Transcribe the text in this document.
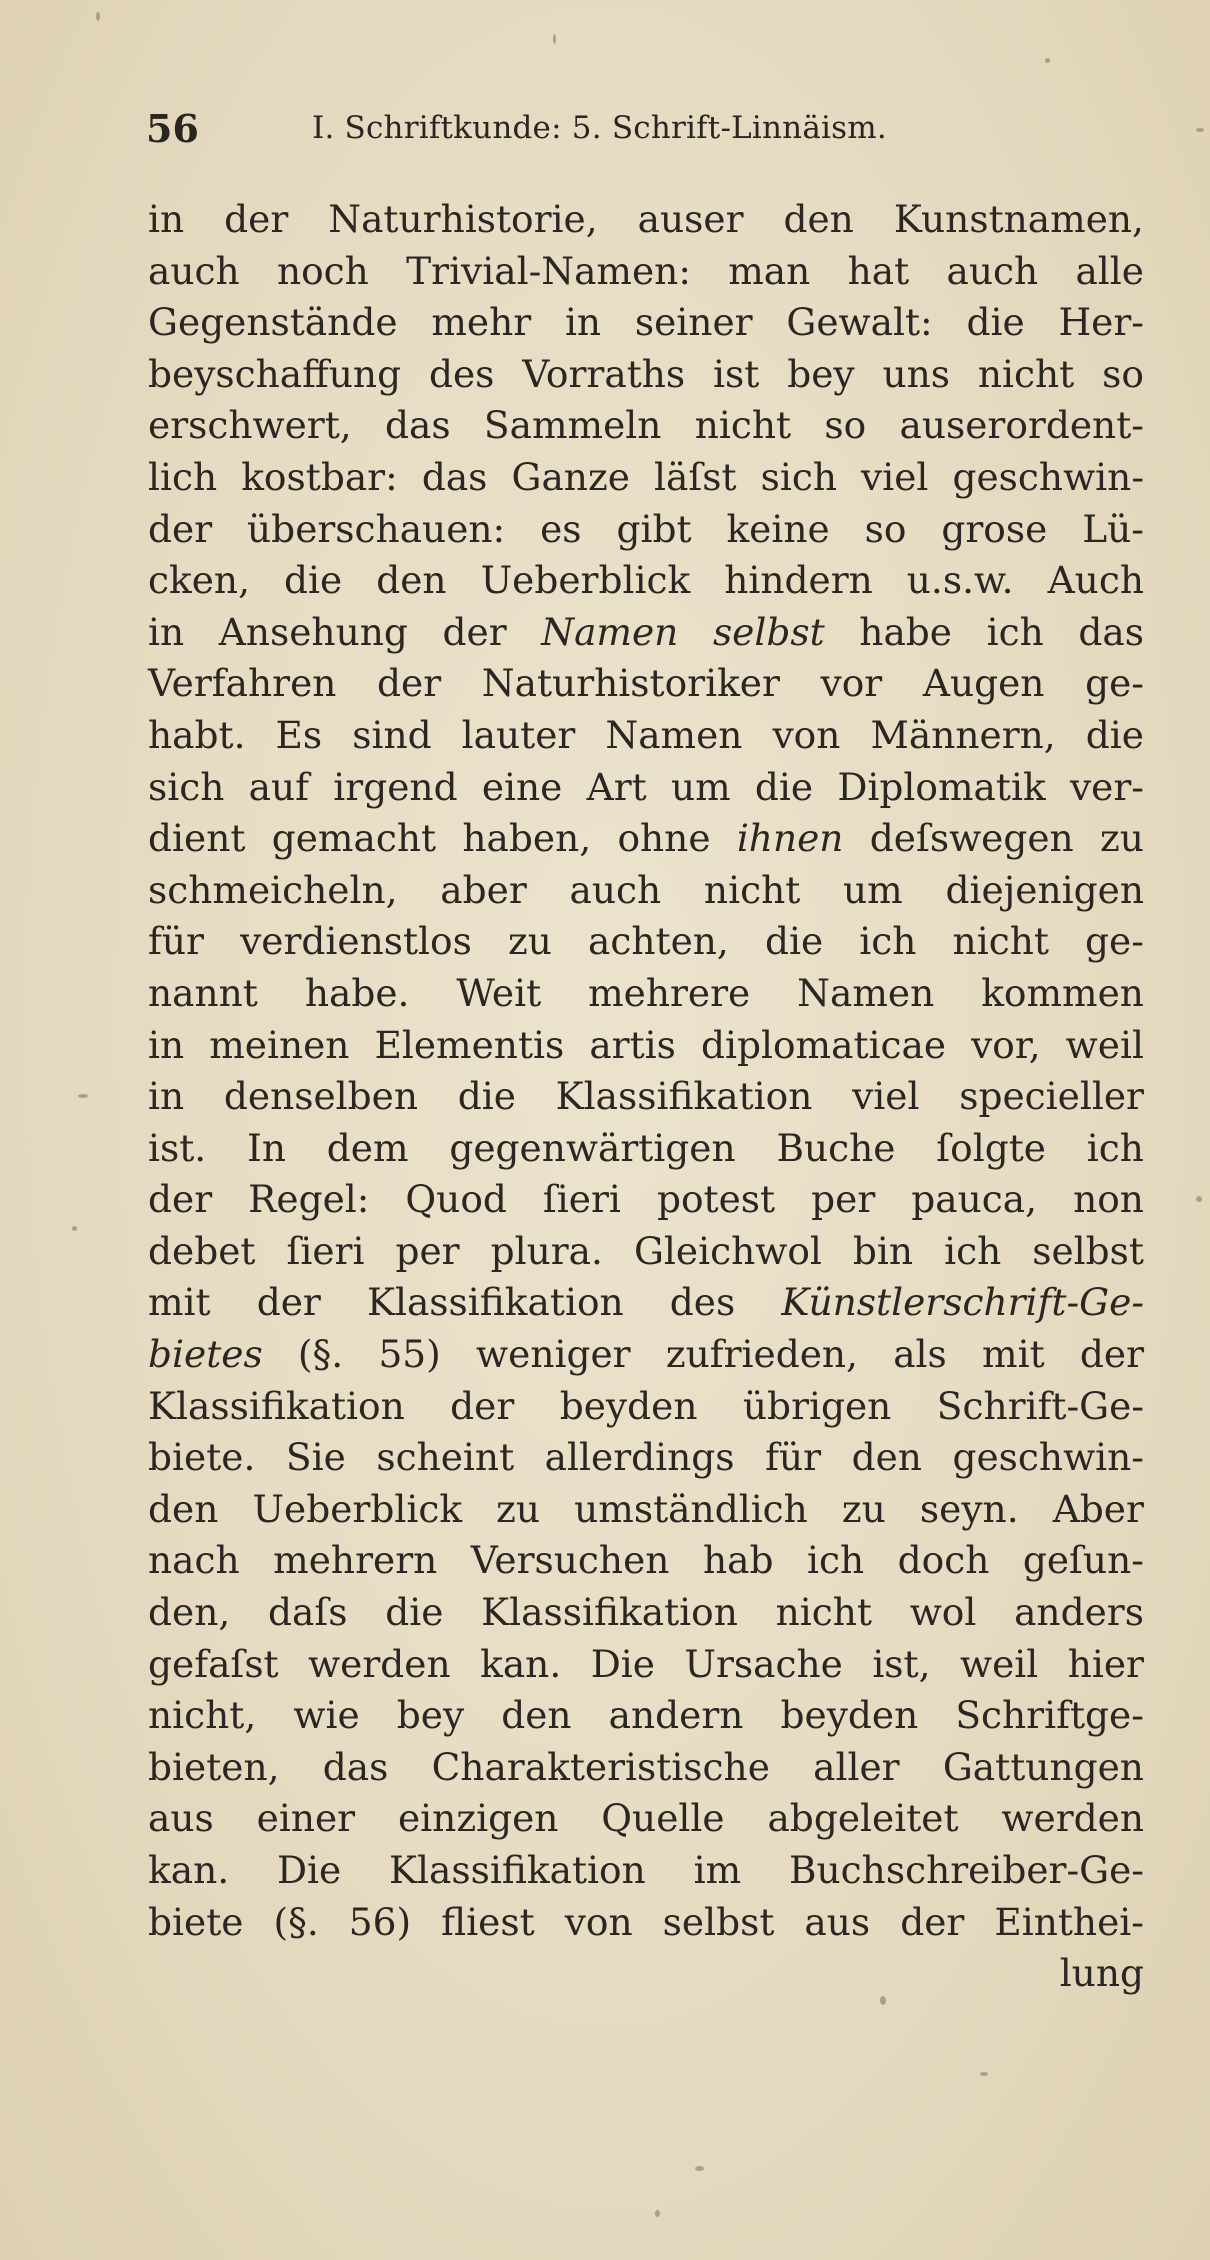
56	I. Schriftkunde: 5. Schrift-Linnäism.
in der Naturhistorie, auser den Kunstnamen,
auch noch Trivial-Namen: man hat auch alle
Gegenstände mehr in seiner Gewalt: die Her-
beyschaffung des Vorraths ist bey uns nicht so
erschwert, das Sammeln nicht so auserordent-
lich kostbar: das Ganze läſst sich viel geschwin-
der überschauen: es gibt keine so grose Lü-
cken, die den Ueberblick hindern u.s.w. Auch
in Ansehung der Namen selbst habe ich das
Verfahren der Naturhistoriker vor Augen ge-
habt. Es sind lauter Namen von Männern, die
sich auf irgend eine Art um die Diplomatik ver-
dient gemacht haben, ohne ihnen deſswegen zu
schmeicheln, aber auch nicht um diejenigen
für verdienstlos zu achten, die ich nicht ge-
nannt habe. Weit mehrere Namen kommen
in meinen Elementis artis diplomaticae vor, weil
in denselben die Klassifikation viel specieller
ist. In dem gegenwärtigen Buche ſolgte ich
der Regel: Quod ſieri potest per pauca, non
debet ſieri per plura. Gleichwol bin ich selbst
mit der Klassifikation des Künstlerschrift-Ge-
bietes (§. 55) weniger zufrieden, als mit der
Klassifikation der beyden übrigen Schrift-Ge-
biete. Sie scheint allerdings für den geschwin-
den Ueberblick zu umständlich zu seyn. Aber
nach mehrern Versuchen hab ich doch geſun-
den, daſs die Klassifikation nicht wol anders
gefaſst werden kan. Die Ursache ist, weil hier
nicht, wie bey den andern beyden Schriftge-
bieten, das Charakteristische aller Gattungen
aus einer einzigen Quelle abgeleitet werden
kan. Die Klassifikation im Buchschreiber-Ge-
biete (§. 56) fliest von selbst aus der Einthei-
lung
